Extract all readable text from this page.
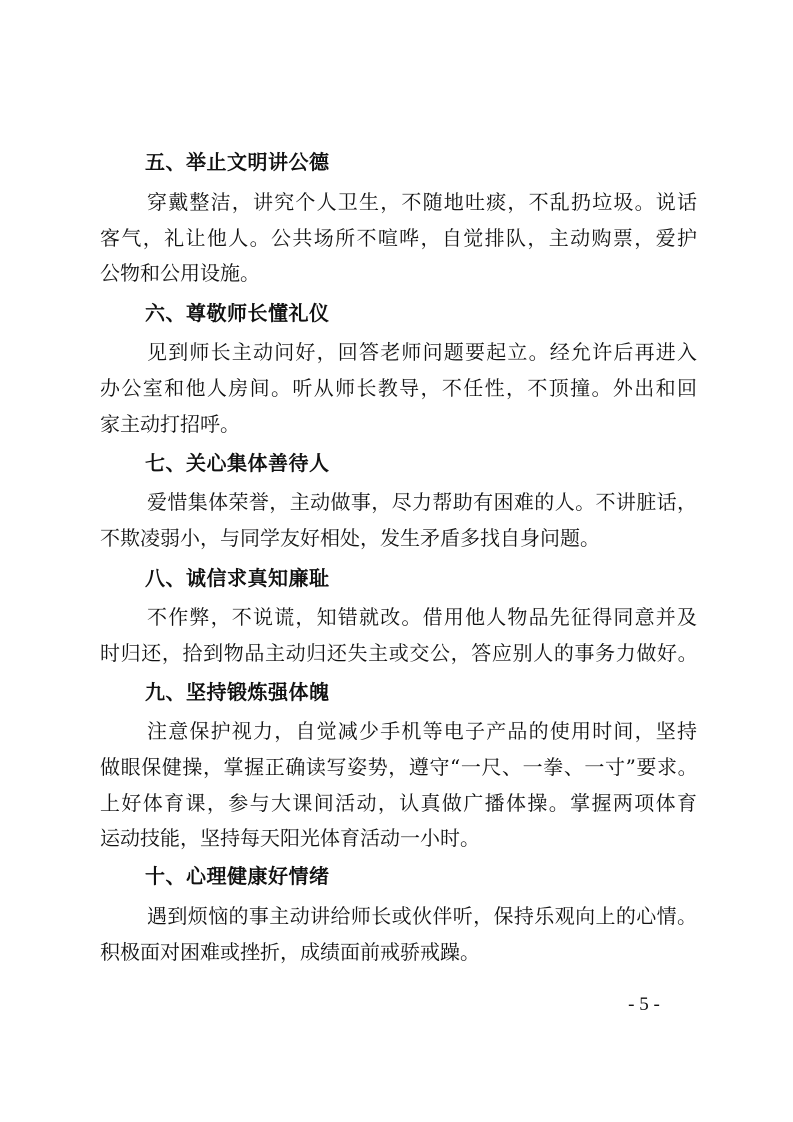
五、举止文明讲公德
穿戴整洁，讲究个人卫生，不随地吐痰，不乱扔垃圾。说话
客气，礼让他人。公共场所不喧哗，自觉排队，主动购票，爱护
公物和公用设施。
六、尊敬师长懂礼仪
见到师长主动问好，回答老师问题要起立。经允许后再进入
办公室和他人房间。听从师长教导，不任性，不顶撞。外出和回
家主动打招呼。
七、关心集体善待人
爱惜集体荣誉，主动做事，尽力帮助有困难的人。不讲脏话，
不欺凌弱小，与同学友好相处，发生矛盾多找自身问题。
八、诚信求真知廉耻
不作弊，不说谎，知错就改。借用他人物品先征得同意并及
时归还，拾到物品主动归还失主或交公，答应别人的事务力做好。
九、坚持锻炼强体魄
注意保护视力，自觉减少手机等电子产品的使用时间，坚持
做眼保健操，掌握正确读写姿势，遵守“一尺、一拳、一寸”要求。
上好体育课，参与大课间活动，认真做广播体操。掌握两项体育
运动技能，坚持每天阳光体育活动一小时。
十、心理健康好情绪
遇到烦恼的事主动讲给师长或伙伴听，保持乐观向上的心情。
积极面对困难或挫折，成绩面前戒骄戒躁。
- 5 -
